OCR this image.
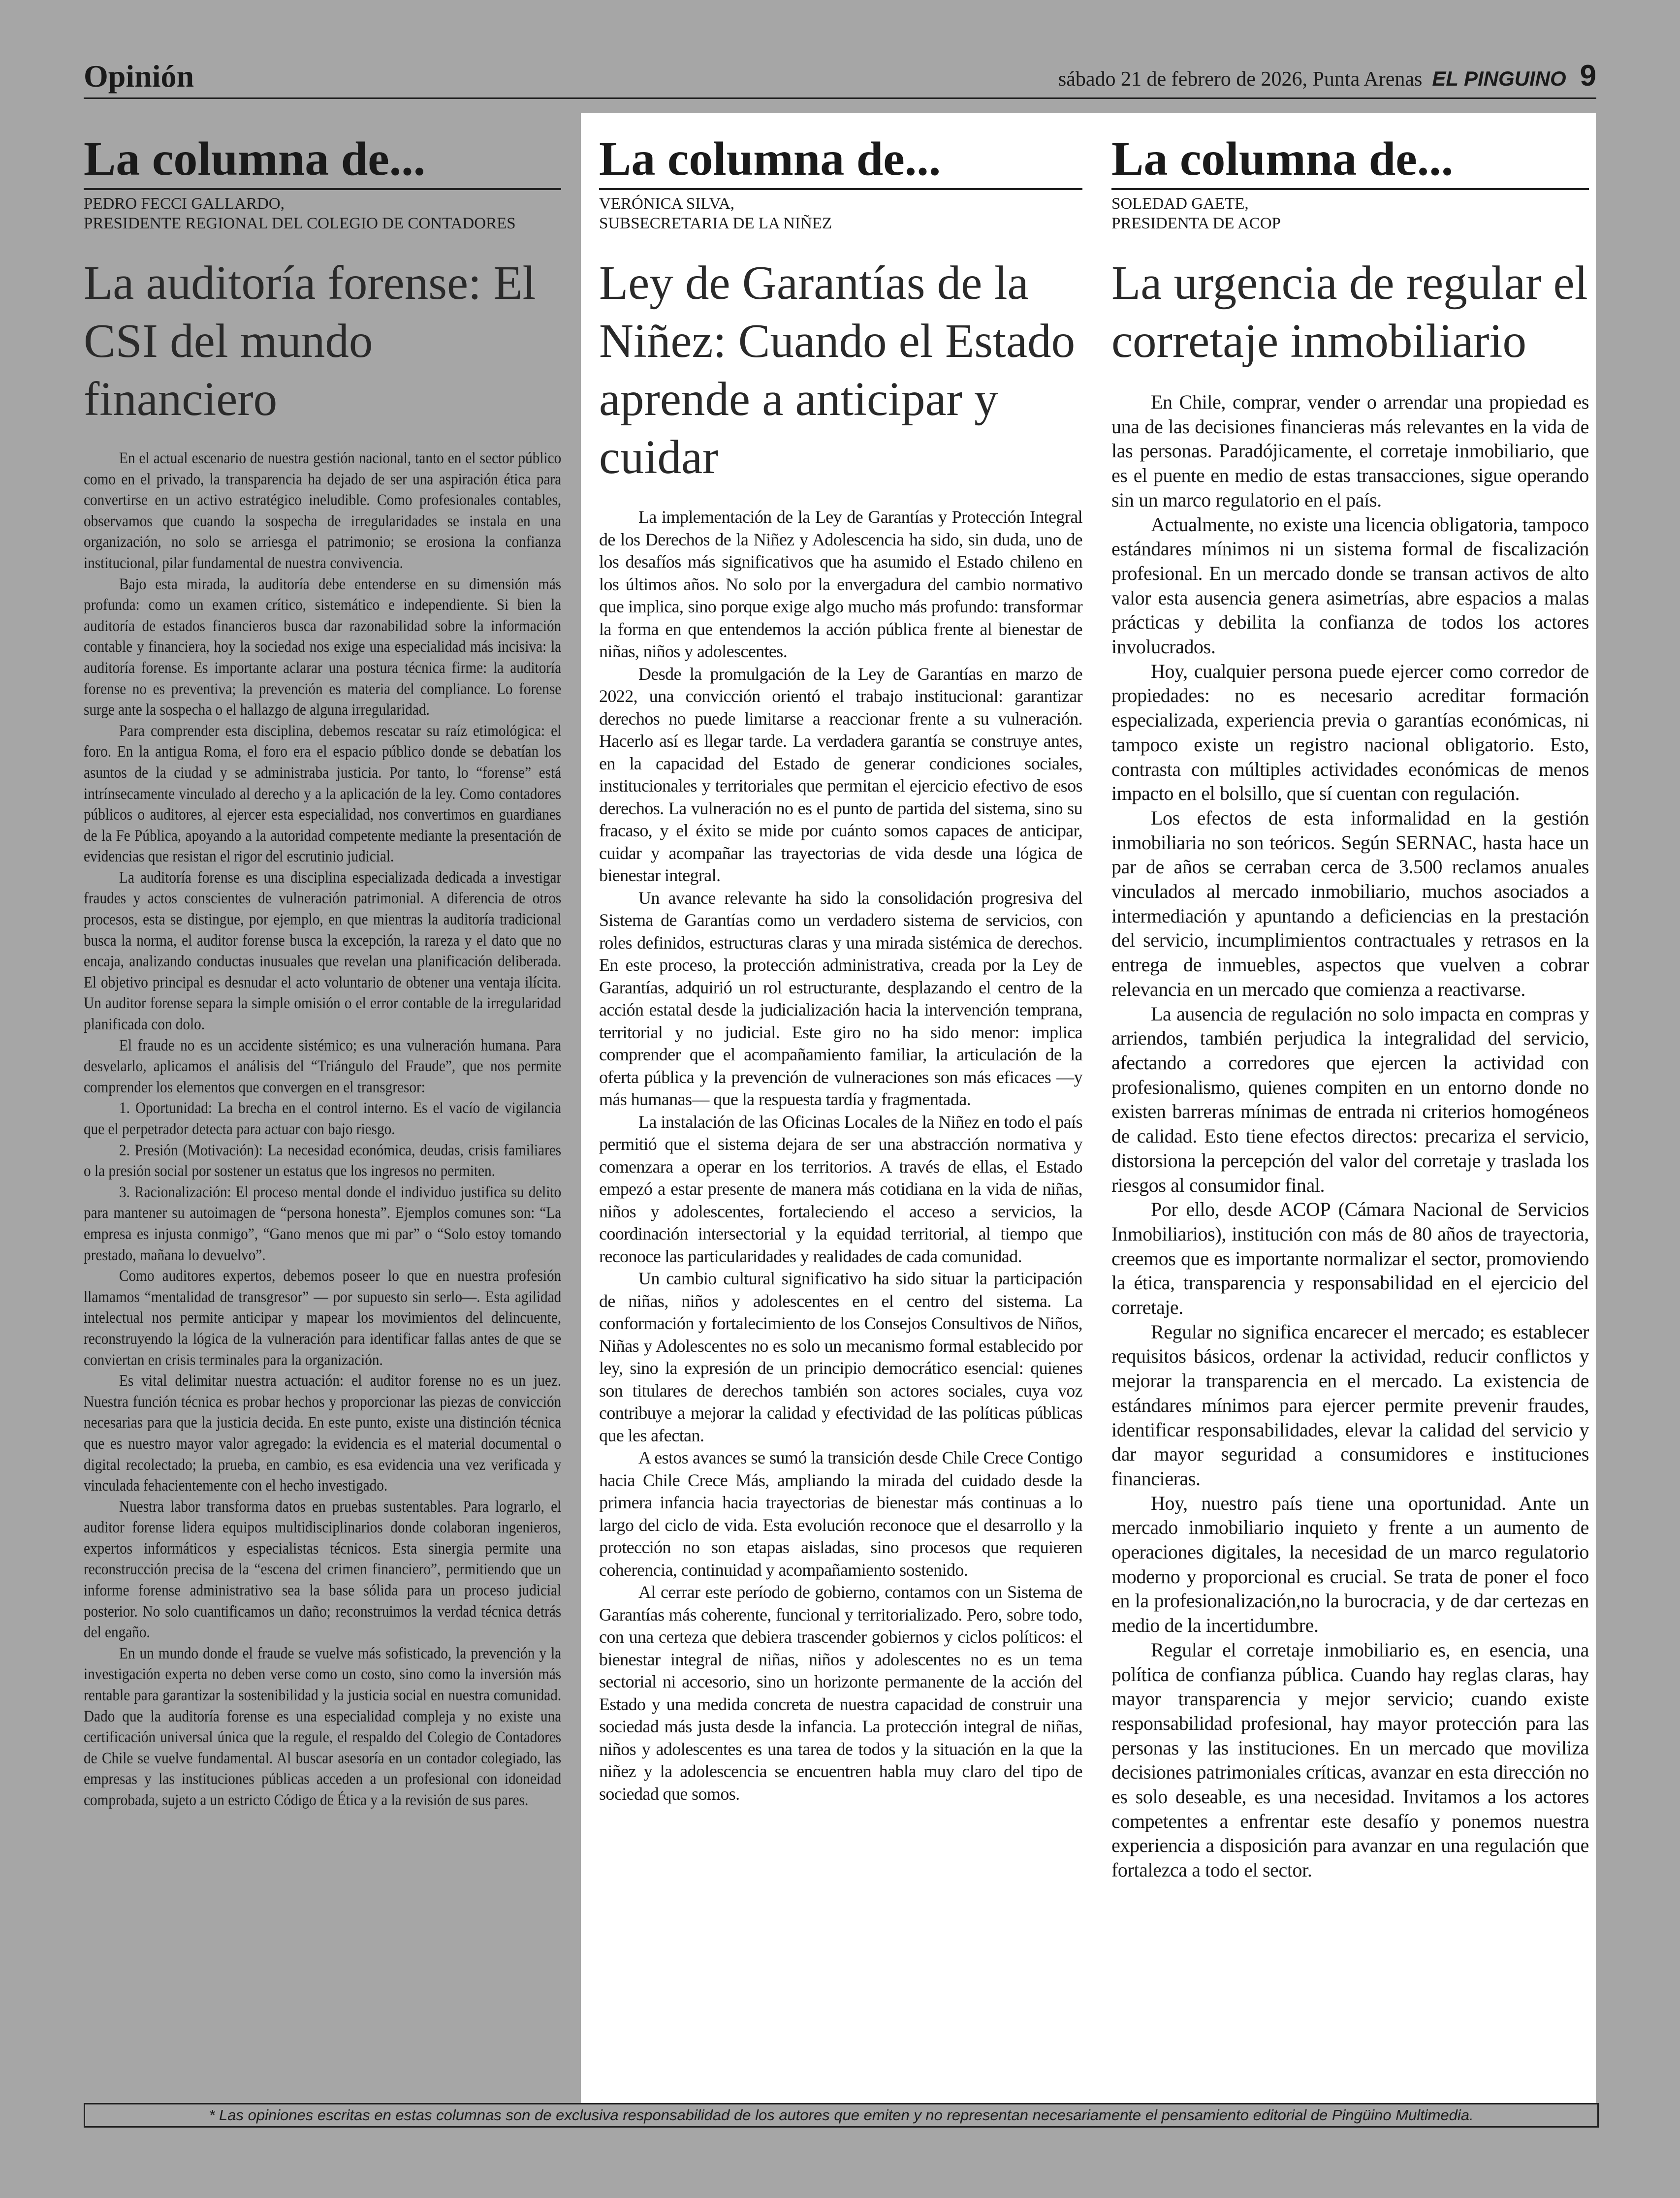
Opinión	sábado 21 de febrero de 2026, Punta Arenas EL PINGUINO 9
La columna de...
PEDRO FECCI GALLARDO,
PRESIDENTE REGIONAL DEL COLEGIO DE CONTADORES
La auditoría forense: El CSI del mundo financiero

En el actual escenario de nuestra gestión nacional, tanto en el sector público como en el privado, la transparencia ha dejado de ser una aspiración ética para convertirse en un activo estratégico ineludible. Como profesionales contables, observamos que cuando la sospecha de irregularidades se instala en una organización, no solo se arriesga el patrimonio; se erosiona la confianza institucional, pilar fundamental de nuestra convivencia.

Bajo esta mirada, la auditoría debe entenderse en su dimensión más profunda: como un examen crítico, sistemático e independiente. Si bien la auditoría de estados financieros busca dar razonabilidad sobre la información contable y financiera, hoy la sociedad nos exige una especialidad más incisiva: la auditoría forense. Es importante aclarar una postura técnica firme: la auditoría forense no es preventiva; la prevención es materia del compliance. Lo forense surge ante la sospecha o el hallazgo de alguna irregularidad.

Para comprender esta disciplina, debemos rescatar su raíz etimológica: el foro. En la antigua Roma, el foro era el espacio público donde se debatían los asuntos de la ciudad y se administraba justicia. Por tanto, lo “forense” está intrínsecamente vinculado al derecho y a la aplicación de la ley. Como contadores públicos o auditores, al ejercer esta especialidad, nos convertimos en guardianes de la Fe Pública, apoyando a la autoridad competente mediante la presentación de evidencias que resistan el rigor del escrutinio judicial.

La auditoría forense es una disciplina especializada dedicada a investigar fraudes y actos conscientes de vulneración patrimonial. A diferencia de otros procesos, esta se distingue, por ejemplo, en que mientras la auditoría tradicional busca la norma, el auditor forense busca la excepción, la rareza y el dato que no encaja, analizando conductas inusuales que revelan una planificación deliberada. El objetivo principal es desnudar el acto voluntario de obtener una ventaja ilícita. Un auditor forense separa la simple omisión o el error contable de la irregularidad planificada con dolo.

El fraude no es un accidente sistémico; es una vulneración humana. Para desvelarlo, aplicamos el análisis del “Triángulo del Fraude”, que nos permite comprender los elementos que convergen en el transgresor:

1. Oportunidad: La brecha en el control interno. Es el vacío de vigilancia que el perpetrador detecta para actuar con bajo riesgo.

2. Presión (Motivación): La necesidad económica, deudas, crisis familiares o la presión social por sostener un estatus que los ingresos no permiten.

3. Racionalización: El proceso mental donde el individuo justifica su delito para mantener su autoimagen de “persona honesta”. Ejemplos comunes son: “La empresa es injusta conmigo”, “Gano menos que mi par” o “Solo estoy tomando prestado, mañana lo devuelvo”.

Como auditores expertos, debemos poseer lo que en nuestra profesión llamamos “mentalidad de transgresor” — por supuesto sin serlo—. Esta agilidad intelectual nos permite anticipar y mapear los movimientos del delincuente, reconstruyendo la lógica de la vulneración para identificar fallas antes de que se conviertan en crisis terminales para la organización.

Es vital delimitar nuestra actuación: el auditor forense no es un juez. Nuestra función técnica es probar hechos y proporcionar las piezas de convicción necesarias para que la justicia decida. En este punto, existe una distinción técnica que es nuestro mayor valor agregado: la evidencia es el material documental o digital recolectado; la prueba, en cambio, es esa evidencia una vez verificada y vinculada fehacientemente con el hecho investigado.

Nuestra labor transforma datos en pruebas sustentables. Para lograrlo, el auditor forense lidera equipos multidisciplinarios donde colaboran ingenieros, expertos informáticos y especialistas técnicos. Esta sinergia permite una reconstrucción precisa de la “escena del crimen financiero”, permitiendo que un informe forense administrativo sea la base sólida para un proceso judicial posterior. No solo cuantificamos un daño; reconstruimos la verdad técnica detrás del engaño.

En un mundo donde el fraude se vuelve más sofisticado, la prevención y la investigación experta no deben verse como un costo, sino como la inversión más rentable para garantizar la sostenibilidad y la justicia social en nuestra comunidad. Dado que la auditoría forense es una especialidad compleja y no existe una certificación universal única que la regule, el respaldo del Colegio de Contadores de Chile se vuelve fundamental. Al buscar asesoría en un contador colegiado, las empresas y las instituciones públicas acceden a un profesional con idoneidad comprobada, sujeto a un estricto Código de Ética y a la revisión de sus pares.

La columna de...
VERÓNICA SILVA,
SUBSECRETARIA DE LA NIÑEZ
Ley de Garantías de la Niñez: Cuando el Estado aprende a anticipar y cuidar

La implementación de la Ley de Garantías y Protección Integral de los Derechos de la Niñez y Adolescencia ha sido, sin duda, uno de los desafíos más significativos que ha asumido el Estado chileno en los últimos años. No solo por la envergadura del cambio normativo que implica, sino porque exige algo mucho más profundo: transformar la forma en que entendemos la acción pública frente al bienestar de niñas, niños y adolescentes.

Desde la promulgación de la Ley de Garantías en marzo de 2022, una convicción orientó el trabajo institucional: garantizar derechos no puede limitarse a reaccionar frente a su vulneración. Hacerlo así es llegar tarde. La verdadera garantía se construye antes, en la capacidad del Estado de generar condiciones sociales, institucionales y territoriales que permitan el ejercicio efectivo de esos derechos. La vulneración no es el punto de partida del sistema, sino su fracaso, y el éxito se mide por cuánto somos capaces de anticipar, cuidar y acompañar las trayectorias de vida desde una lógica de bienestar integral.

Un avance relevante ha sido la consolidación progresiva del Sistema de Garantías como un verdadero sistema de servicios, con roles definidos, estructuras claras y una mirada sistémica de derechos. En este proceso, la protección administrativa, creada por la Ley de Garantías, adquirió un rol estructurante, desplazando el centro de la acción estatal desde la judicialización hacia la intervención temprana, territorial y no judicial. Este giro no ha sido menor: implica comprender que el acompañamiento familiar, la articulación de la oferta pública y la prevención de vulneraciones son más eficaces —y más humanas— que la respuesta tardía y fragmentada.

La instalación de las Oficinas Locales de la Niñez en todo el país permitió que el sistema dejara de ser una abstracción normativa y comenzara a operar en los territorios. A través de ellas, el Estado empezó a estar presente de manera más cotidiana en la vida de niñas, niños y adolescentes, fortaleciendo el acceso a servicios, la coordinación intersectorial y la equidad territorial, al tiempo que reconoce las particularidades y realidades de cada comunidad.

Un cambio cultural significativo ha sido situar la participación de niñas, niños y adolescentes en el centro del sistema. La conformación y fortalecimiento de los Consejos Consultivos de Niños, Niñas y Adolescentes no es solo un mecanismo formal establecido por ley, sino la expresión de un principio democrático esencial: quienes son titulares de derechos también son actores sociales, cuya voz contribuye a mejorar la calidad y efectividad de las políticas públicas que les afectan.

A estos avances se sumó la transición desde Chile Crece Contigo hacia Chile Crece Más, ampliando la mirada del cuidado desde la primera infancia hacia trayectorias de bienestar más continuas a lo largo del ciclo de vida. Esta evolución reconoce que el desarrollo y la protección no son etapas aisladas, sino procesos que requieren coherencia, continuidad y acompañamiento sostenido.

Al cerrar este período de gobierno, contamos con un Sistema de Garantías más coherente, funcional y territorializado. Pero, sobre todo, con una certeza que debiera trascender gobiernos y ciclos políticos: el bienestar integral de niñas, niños y adolescentes no es un tema sectorial ni accesorio, sino un horizonte permanente de la acción del Estado y una medida concreta de nuestra capacidad de construir una sociedad más justa desde la infancia. La protección integral de niñas, niños y adolescentes es una tarea de todos y la situación en la que la niñez y la adolescencia se encuentren habla muy claro del tipo de sociedad que somos.

La columna de...
SOLEDAD GAETE,
PRESIDENTA DE ACOP
La urgencia de regular el corretaje inmobiliario

En Chile, comprar, vender o arrendar una propiedad es una de las decisiones financieras más relevantes en la vida de las personas. Paradójicamente, el corretaje inmobiliario, que es el puente en medio de estas transacciones, sigue operando sin un marco regulatorio en el país.

Actualmente, no existe una licencia obligatoria, tampoco estándares mínimos ni un sistema formal de fiscalización profesional. En un mercado donde se transan activos de alto valor esta ausencia genera asimetrías, abre espacios a malas prácticas y debilita la confianza de todos los actores involucrados.

Hoy, cualquier persona puede ejercer como corredor de propiedades: no es necesario acreditar formación especializada, experiencia previa o garantías económicas, ni tampoco existe un registro nacional obligatorio. Esto, contrasta con múltiples actividades económicas de menos impacto en el bolsillo, que sí cuentan con regulación.

Los efectos de esta informalidad en la gestión inmobiliaria no son teóricos. Según SERNAC, hasta hace un par de años se cerraban cerca de 3.500 reclamos anuales vinculados al mercado inmobiliario, muchos asociados a intermediación y apuntando a deficiencias en la prestación del servicio, incumplimientos contractuales y retrasos en la entrega de inmuebles, aspectos que vuelven a cobrar relevancia en un mercado que comienza a reactivarse.

La ausencia de regulación no solo impacta en compras y arriendos, también perjudica la integralidad del servicio, afectando a corredores que ejercen la actividad con profesionalismo, quienes compiten en un entorno donde no existen barreras mínimas de entrada ni criterios homogéneos de calidad. Esto tiene efectos directos: precariza el servicio, distorsiona la percepción del valor del corretaje y traslada los riesgos al consumidor final.

Por ello, desde ACOP (Cámara Nacional de Servicios Inmobiliarios), institución con más de 80 años de trayectoria, creemos que es importante normalizar el sector, promoviendo la ética, transparencia y responsabilidad en el ejercicio del corretaje.

Regular no significa encarecer el mercado; es establecer requisitos básicos, ordenar la actividad, reducir conflictos y mejorar la transparencia en el mercado. La existencia de estándares mínimos para ejercer permite prevenir fraudes, identificar responsabilidades, elevar la calidad del servicio y dar mayor seguridad a consumidores e instituciones financieras.

Hoy, nuestro país tiene una oportunidad. Ante un mercado inmobiliario inquieto y frente a un aumento de operaciones digitales, la necesidad de un marco regulatorio moderno y proporcional es crucial. Se trata de poner el foco en la profesionalización,no la burocracia, y de dar certezas en medio de la incertidumbre.

Regular el corretaje inmobiliario es, en esencia, una política de confianza pública. Cuando hay reglas claras, hay mayor transparencia y mejor servicio; cuando existe responsabilidad profesional, hay mayor protección para las personas y las instituciones. En un mercado que moviliza decisiones patrimoniales críticas, avanzar en esta dirección no es solo deseable, es una necesidad. Invitamos a los actores competentes a enfrentar este desafío y ponemos nuestra experiencia a disposición para avanzar en una regulación que fortalezca a todo el sector.

* Las opiniones escritas en estas columnas son de exclusiva responsabilidad de los autores que emiten y no representan necesariamente el pensamiento editorial de Pingüino Multimedia.
